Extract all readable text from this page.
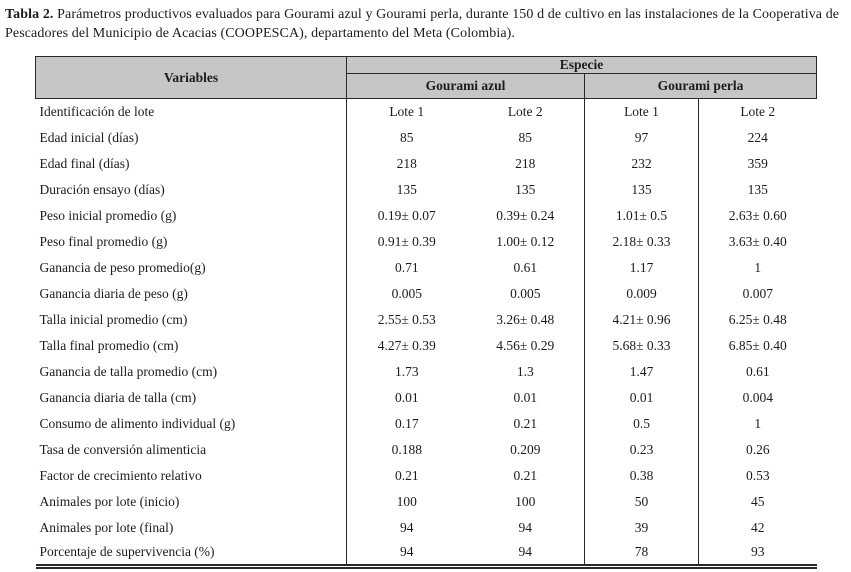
Tabla 2. Parámetros productivos evaluados para Gourami azul y Gourami perla, durante 150 d de cultivo en las instalaciones de la Cooperativa de Pescadores del Municipio de Acacias (COOPESCA), departamento del Meta (Colombia).

Variables	Especie			
	Gourami azul		Gourami perla	
Identificación de lote	Lote 1	Lote 2	Lote 1	Lote 2
Edad inicial (días)	85	85	97	224
Edad final (días)	218	218	232	359
Duración ensayo (días)	135	135	135	135
Peso inicial promedio (g)	0.19± 0.07	0.39± 0.24	1.01± 0.5	2.63± 0.60
Peso final promedio (g)	0.91± 0.39	1.00± 0.12	2.18± 0.33	3.63± 0.40
Ganancia de peso promedio(g)	0.71	0.61	1.17	1
Ganancia diaria de peso (g)	0.005	0.005	0.009	0.007
Talla inicial promedio (cm)	2.55± 0.53	3.26± 0.48	4.21± 0.96	6.25± 0.48
Talla final promedio (cm)	4.27± 0.39	4.56± 0.29	5.68± 0.33	6.85± 0.40
Ganancia de talla promedio (cm)	1.73	1.3	1.47	0.61
Ganancia diaria de talla (cm)	0.01	0.01	0.01	0.004
Consumo de alimento individual (g)	0.17	0.21	0.5	1
Tasa de conversión alimenticia	0.188	0.209	0.23	0.26
Factor de crecimiento relativo	0.21	0.21	0.38	0.53
Animales por lote (inicio)	100	100	50	45
Animales por lote (final)	94	94	39	42
Porcentaje de supervivencia (%)	94	94	78	93
